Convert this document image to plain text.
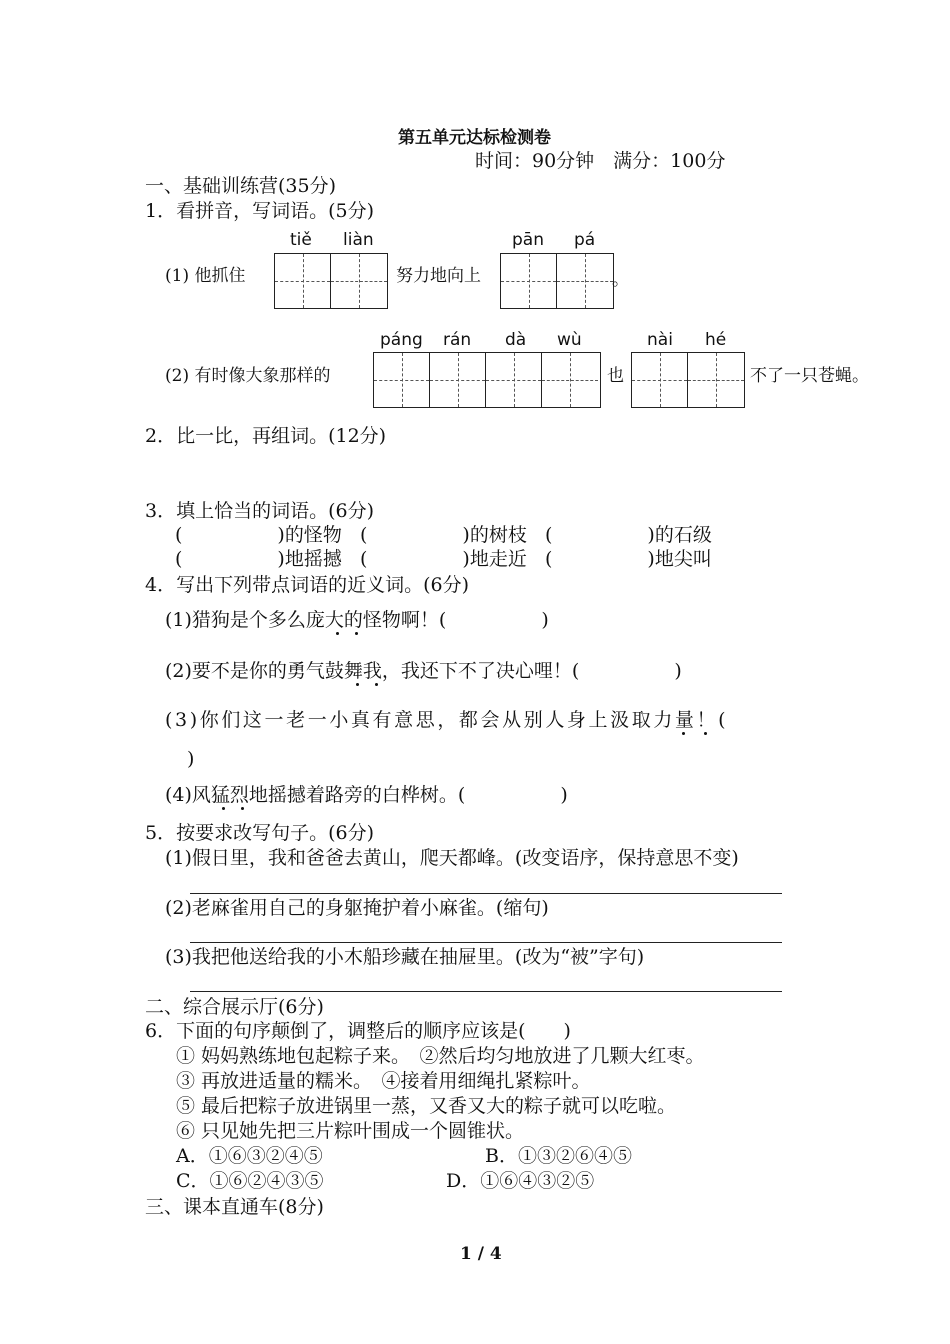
第五单元达标检测卷
时间：90分钟　满分：100分
一、基础训练营(35分)
1．看拼音，写词语。(5分)
tiě liàn	pān pá
(1) 他抓住	努力地向上	。
páng rán dà wù	nài hé
(2) 有时像大象那样的	也	不了一只苍蝇。
2．比一比，再组词。(12分)
3．填上恰当的词语。(6分)
(　　　　　)的怪物 (　　　　　)的树枝 (　　　　　)的石级
(　　　　　)地摇撼 (　　　　　)地走近 (　　　　　)地尖叫
4．写出下列带点词语的近义词。(6分)
(1)猎狗是个多么庞大的怪物啊！(　　　　　)
(2)要不是你的勇气鼓舞我，我还下不了决心哩！(　　　　　)
(3)你们这一老一小真有意思，都会从别人身上汲取力量！(
)
(4)风猛烈地摇撼着路旁的白桦树。(　　　　　)
5．按要求改写句子。(6分)
(1)假日里，我和爸爸去黄山，爬天都峰。(改变语序，保持意思不变)
(2)老麻雀用自己的身躯掩护着小麻雀。(缩句)
(3)我把他送给我的小木船珍藏在抽屉里。(改为“被”字句)
二、综合展示厅(6分)
6．下面的句序颠倒了，调整后的顺序应该是(　　)
① 妈妈熟练地包起粽子来。　②然后均匀地放进了几颗大红枣。
③ 再放进适量的糯米。　④接着用细绳扎紧粽叶。
⑤ 最后把粽子放进锅里一蒸，又香又大的粽子就可以吃啦。
⑥ 只见她先把三片粽叶围成一个圆锥状。
A．①⑥③②④⑤	B．①③②⑥④⑤
C．①⑥②④③⑤	D．①⑥④③②⑤
三、课本直通车(8分)
1 / 4
